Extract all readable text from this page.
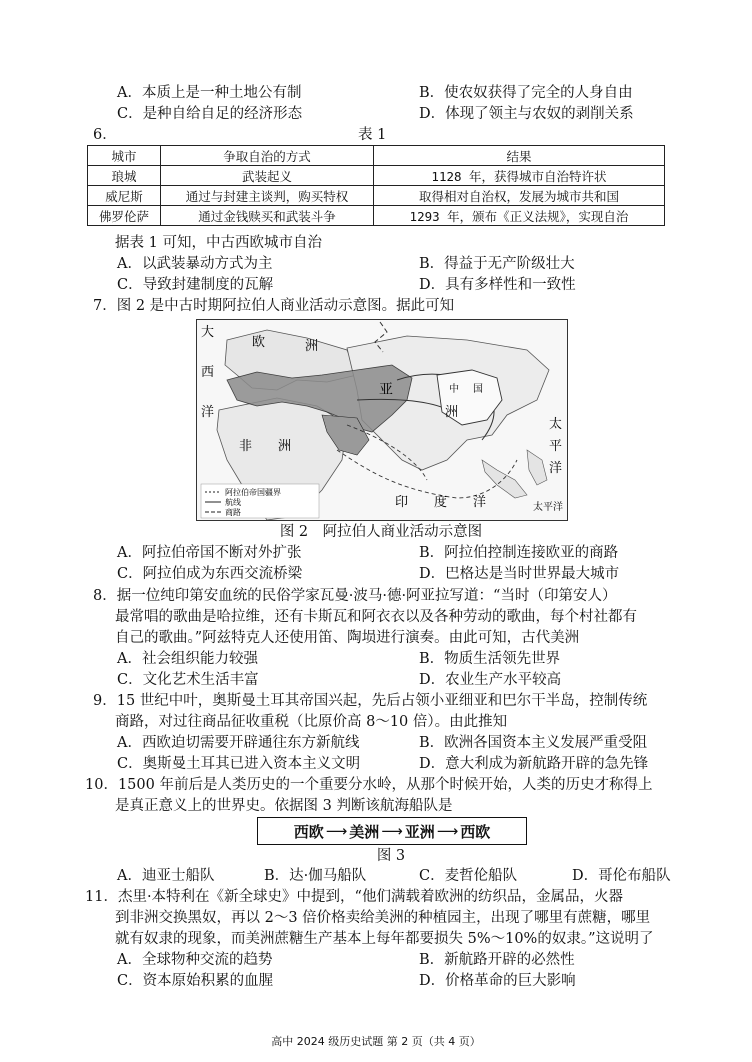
A．本质上是一种土地公有制	B．使农奴获得了完全的人身自由
C．是种自给自足的经济形态	D．体现了领主与农奴的剥削关系
6．	表 1
城市	争取自治的方式	结果
琅城	武装起义	1128 年，获得城市自治特许状
威尼斯	通过与封建主谈判，购买特权	取得相对自治权，发展为城市共和国
佛罗伦萨	通过金钱赎买和武装斗争	1293 年，颁布《正义法规》，实现自治
据表 1 可知，中古西欧城市自治
A．以武装暴动方式为主	B．得益于无产阶级壮大
C．导致封建制度的瓦解	D．具有多样性和一致性
7．图 2 是中古时期阿拉伯人商业活动示意图。据此可知
大
西
洋
欧	洲
非　　洲
亚	中 国
洲
太
平
洋
印　　度　　洋	太平洋
阿拉伯帝国疆界
航线
商路
图 2　阿拉伯人商业活动示意图
A．阿拉伯帝国不断对外扩张	B．阿拉伯控制连接欧亚的商路
C．阿拉伯成为东西交流桥梁	D．巴格达是当时世界最大城市
8．据一位纯印第安血统的民俗学家瓦曼·波马·德·阿亚拉写道：“当时（印第安人）
最常唱的歌曲是哈拉维，还有卡斯瓦和阿衣衣以及各种劳动的歌曲，每个村社都有
自己的歌曲。”阿兹特克人还使用笛、陶埙进行演奏。由此可知，古代美洲
A．社会组织能力较强	B．物质生活领先世界
C．文化艺术生活丰富	D．农业生产水平较高
9．15 世纪中叶，奥斯曼土耳其帝国兴起，先后占领小亚细亚和巴尔干半岛，控制传统
商路，对过往商品征收重税（比原价高 8～10 倍）。由此推知
A．西欧迫切需要开辟通往东方新航线	B．欧洲各国资本主义发展严重受阻
C．奥斯曼土耳其已进入资本主义文明	D．意大利成为新航路开辟的急先锋
10．1500 年前后是人类历史的一个重要分水岭，从那个时候开始，人类的历史才称得上
是真正意义上的世界史。依据图 3 判断该航海船队是
西欧 ⟶ 美洲 ⟶ 亚洲 ⟶ 西欧
图 3
A．迪亚士船队	B．达·伽马船队	C．麦哲伦船队	D．哥伦布船队
11．杰里·本特利在《新全球史》中提到，“他们满载着欧洲的纺织品，金属品，火器
到非洲交换黑奴，再以 2～3 倍价格卖给美洲的种植园主，出现了哪里有蔗糖，哪里
就有奴隶的现象，而美洲蔗糖生产基本上每年都要损失 5%～10%的奴隶。”这说明了
A．全球物种交流的趋势	B．新航路开辟的必然性
C．资本原始积累的血腥	D．价格革命的巨大影响
高中 2024 级历史试题 第 2 页（共 4 页）
